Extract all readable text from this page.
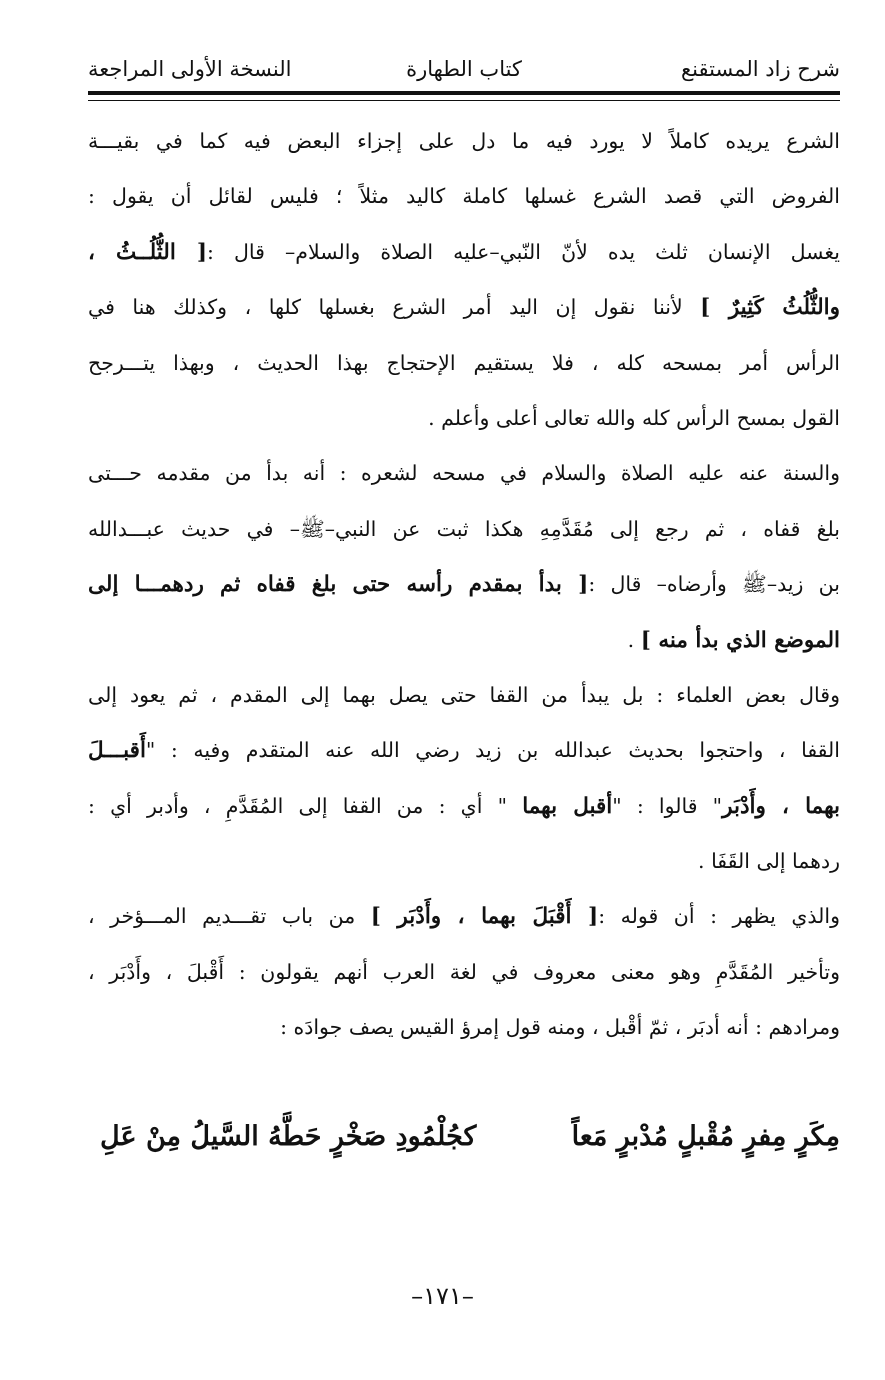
شرح زاد المستقنع
كتاب الطهارة
النسخة الأولى المراجعة
الشرع يريده كاملاً لا يورد فيه ما دل على إجزاء البعض فيه كما في بقيـــة
الفروض التي قصد الشرع غسلها كاملة كاليد مثلاً ؛ فليس لقائل أن يقول :
يغسل الإنسان ثلث يده لأنّ النّبي–عليه الصلاة والسلام– قال :[ الثُّلُــثُ ،
والثُّلُثُ كَثِيرٌ ] لأننا نقول إن اليد أمر الشرع بغسلها كلها ، وكذلك هنا في
الرأس أمر بمسحه كله ، فلا يستقيم الإحتجاج بهذا الحديث ، وبهذا يتـــرجح
القول بمسح الرأس كله والله تعالى أعلى وأعلم .
والسنة عنه عليه الصلاة والسلام في مسحه لشعره : أنه بدأ من مقدمه حـــتى
بلغ قفاه ، ثم رجع إلى مُقَدَّمِهِ هكذا ثبت عن النبي–ﷺ– في حديث عبـــدالله
بن زيد–ﷺ وأرضاه– قال :[ بدأ بمقدم رأسه حتى بلغ قفاه ثم ردهمـــا إلى
الموضع الذي بدأ منه ] .
وقال بعض العلماء : بل يبدأ من القفا حتى يصل بهما إلى المقدم ، ثم يعود إلى
القفا ، واحتجوا بحديث عبدالله بن زيد رضي الله عنه المتقدم وفيه : "أَقبـــلَ
بهما ، وأَدْبَر" قالوا : "أقبل بهما " أي : من القفا إلى المُقَدَّمِ ، وأدبر أي :
ردهما إلى القَفَا .
والذي يظهر : أن قوله :[ أَقْبَلَ بهما ، وأَدْبَر ] من باب تقـــديم المـــؤخر ،
وتأخير المُقَدَّمِ وهو معنى معروف في لغة العرب أنهم يقولون : أَقْبلَ ، وأَدْبَر ،
ومرادهم : أنه أدبَر ، ثمّ أقْبل ، ومنه قول إمرؤ القيس يصف جوادَه :
مِكَرٍ مِفرٍ مُقْبلٍ مُدْبرٍ مَعاً
كجُلْمُودِ صَخْرٍ حَطَّهُ السَّيلُ مِنْ عَلِ
–١٧١–
